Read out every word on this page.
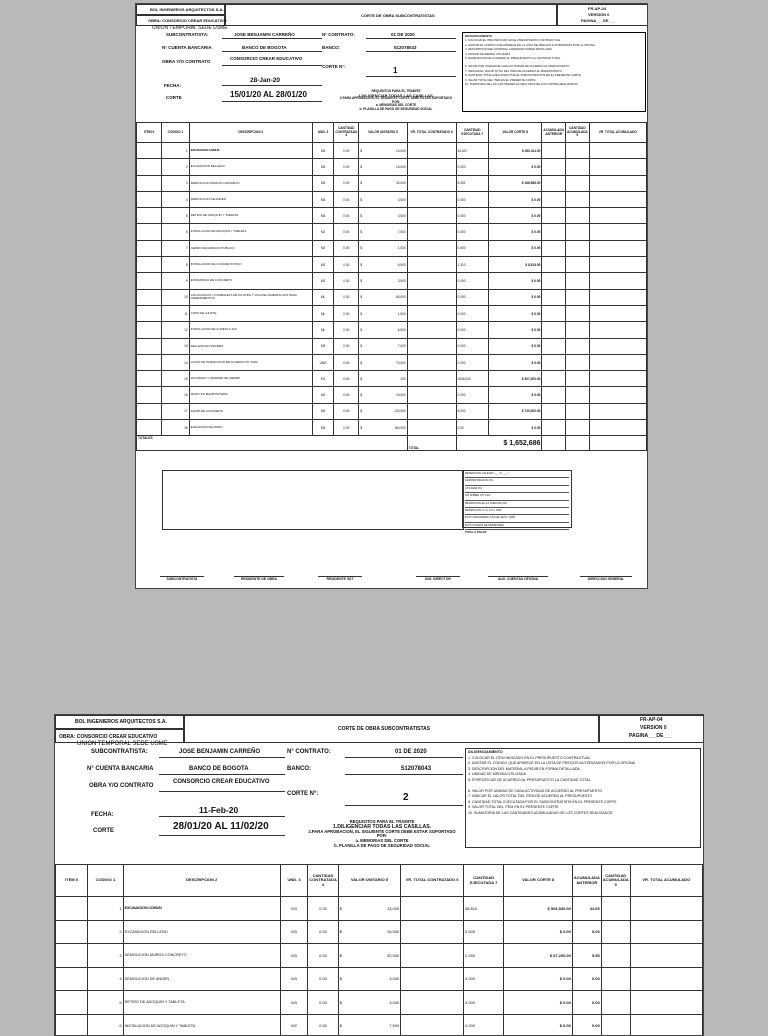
BOL INGENIEROS ARQUITECTOS S.A.
CORTE DE OBRA SUBCONTRATISTAS
FR-AP-04
VERSION 0
PAGINA___DE___
OBRA: CONSORCIO CREAR EDUCATIVO
UNION TEMPORAL SEDE USME
SUBCONTRATISTA:	JOSE BENJAMIN CARREÑO	N° CONTRATO:	01 DE 2020
N° CUENTA BANCARIA	BANCO DE BOGOTA	BANCO:	512078043
OBRA Y/O CONTRATO
CONSORCIO CREAR EDUCATIVO
CORTE N°:	1
FECHA:
28-Jan-20
CORTE	15/01/20 AL 28/01/20	REQUISITOS PARA EL TRAMITE
1.DILIGENCIAR TODAS LAS CASILLAS.
2.PARA APROBACION, EL SIGUIENTE CORTE DEBE ESTAR SOPORTADO POR:
a. MEMORIAS DEL CORTE
b. PLANILLA DE PAGO DE SEGURIDAD SOCIAL
DILIGENCIAMIENTO
1. COLOCAR EL ITEM INDICADO EN EL PRESUPUESTO CONTRACTUAL
2. ANOTAR EL CODIGO QUE APARECE EN LA LISTA DE PRECIOS AUTORIZADOS POR LA OFICINA
3. DESCRIPCION DEL MATERIAL A PEDIR EN FORMA DETALLADA
4. UNIDAD DE MEDIDA UTILIZADA
5. ESPECIFICAR DE ACUERDO AL PRESUPUESTO LA CANTIDAD TOTAL
6. VALOR POR UNIDAD DE CADA ACTIVIDAD DE ACUERDO AL PRESUPUESTO
7. INDICAR EL VALOR TOTAL DEL ITEM DE ACUERDO AL PRESUPUESTO
8. CANTIDAD TOTAL EJECUTADA POR EL SUBCONTRATISTA EN EL PRESENTE CORTE
9. VALOR TOTAL DEL ITEM EN EL PRESENTE CORTE
10. SUMATORIA DE LAS CANTIDADES ACUMULADAS DE LOS CORTES REALIZADOS
ITEM 0	CODIGO 1	DESCRIPCION 2	UND. 3	CANTIDAD CONTRATADA 4	VALOR UNITARIO 5	VR. TOTAL CONTRATADO 6	CANTIDAD EJECUTADA 7	VALOR CORTE 8	ACUMULADA ANTERIOR	CANTIDAD ACUMULADA 9	VR. TOTAL ACUMULADO
	1	EXCAVACION COMUN	M3	0.00	$ 13,000		34.647	$ 450,411.00			
	2	EXCAVACION RELLENO	M3	0.00	$ 16,000		0.000	$ 0.00			
	3	DEMOLICION MUROS CONCRETO	M3	0.00	$ 30,000		5.552	$ 166,566.00			
	4	DEMOLICION DE ANDEN	M3	0.00	$ 3,000		0.000	$ 0.00			
	5	RETIRO DE ADOQUIN Y TABLETA	M3	0.00	$ 3,000		0.000	$ 0.00			
	6	INSTALACION DE ADOQUIN Y TABLETA	M2	0.00	$ 7,500		0.000	$ 0.00			
	7	CERRO DE ESPACIO PUBLICO	M2	0.00	$ 1,000		0.000	$ 0.00			
	8	INSTALACION DE CONCRETO PISO	M2	0.00	$ 6,500		1.310	$ 8,515.00			
	9	ESTAMPADO DE CONCRETO	M2	0.00	$ 3,500		0.000	$ 0.00			
	10	COLOCACION Y FORMALETA DE PILOTES Y VIGA DE CIMENTACION PARA CERRAMIENTOS	ML	0.00	$ 60,000		0.000	$ 0.00			
	11	CINTA DE AJUSTE	ML	0.00	$ 1,500		0.000	$ 0.00			
	12	INSTALACION DE CUNETA A 120	ML	0.00	$ 6,500		0.000	$ 0.00			
	13	RELLENO EN RECEBO	M3	0.00	$ 7,000		0.000	$ 0.00			
	14	CAJAS DE INSPECCION DE ACUEDUCTO TAPA	UND	0.00	$ 70,000		0.000	$ 0.00			
	15	FIGURADO Y AMARRE DE HIERRO	KG	0.00	$ 200		1536.000	$ 307,200.00			
	16	MURO EN MAMPOSTERIA	M2	0.00	$ 15,000		0.000	$ 0.00			
	17	ZARPA DE CONCRETO	M3	0.00	$ 120,000		6.000	$ 720,000.00			
	18	ELEVACION DE MURO	M3	0.00	$ 160,000		0.00	$ 0.00			
TOTALES						TOTAL	$ 1,652,686				
RETENCION CALIDAD ( __ % ___ )
ADMINISTRACION 0%
UTILIDAD 0%
IVA SOBRE UTI 19%
RETENCION EN LA FUENTE (2%)
RETENCION I.C.A. 6.9 x 1000
DCTO SEGURIDAD SOCIAL (EPS / ARP)
DCTO FONDO DE PENSIONES
TOTAL A PAGAR
SUBCONTRATISTA	RESIDENTE DE OBRA	RESIDENTE SST	ING. DIRECTOR	AUX. CUENTAS OFICINA	DIRECCION GENERAL
BOL INGENIEROS ARQUITECTOS S.A.
CORTE DE OBRA SUBCONTRATISTAS
FR-AP-04
VERSION 0
PAGINA___DE___
OBRA: CONSORCIO CREAR EDUCATIVO
UNION TEMPORAL SEDE USME
SUBCONTRATISTA:	JOSE BENJAMIN CARREÑO	N° CONTRATO:	01 DE 2020
N° CUENTA BANCARIA	BANCO DE BOGOTA	BANCO:	512078043
OBRA Y/O CONTRATO
CONSORCIO CREAR EDUCATIVO
CORTE N°:	2
FECHA:	11-Feb-20
CORTE	28/01/20 AL 11/02/20	REQUISITOS PARA EL TRAMITE
1.DILIGENCIAR TODAS LAS CASILLAS.
2.PARA APROBACION, EL SIGUIENTE CORTE DEBE ESTAR SOPORTADO POR:
a. MEMORIAS DEL CORTE
b. PLANILLA DE PAGO DE SEGURIDAD SOCIAL
DILIGENCIAMIENTO
1. COLOCAR EL ITEM INDICADO EN EL PRESUPUESTO CONTRACTUAL
2. ANOTAR EL CODIGO QUE APARECE EN LA LISTA DE PRECIOS AUTORIZADOS POR LA OFICINA
3. DESCRIPCION DEL MATERIAL A PEDIR EN FORMA DETALLADA
4. UNIDAD DE MEDIDA UTILIZADA
5. ESPECIFICAR DE ACUERDO AL PRESUPUESTO LA CANTIDAD TOTAL
6. VALOR POR UNIDAD DE CADA ACTIVIDAD DE ACUERDO AL PRESUPUESTO
7. INDICAR EL VALOR TOTAL DEL ITEM DE ACUERDO AL PRESUPUESTO
8. CANTIDAD TOTAL EJECUTADA POR EL SUBCONTRATISTA EN EL PRESENTE CORTE
9. VALOR TOTAL DEL ITEM EN EL PRESENTE CORTE
10. SUMATORIA DE LAS CANTIDADES ACUMULADAS DE LOS CORTES REALIZADOS
ITEM 0	CODIGO 1	DESCRIPCION 2	UND. 3	CANTIDAD CONTRATADA 4	VALOR UNITARIO 5	VR. TOTAL CONTRATADO 6	CANTIDAD EJECUTADA 7	VALOR CORTE 8	ACUMULADA ANTERIOR	CANTIDAD ACUMULADA 9	VR. TOTAL ACUMULADO
	1	EXCAVACION COMUN	M3	0.00	$ 13,000		38.810	$ 504,530.00	34.65		
	2	EXCAVACION RELLENO	M3	0.00	$ 16,000		0.000	$ 0.00	0.00		
	3	DEMOLICION MUROS CONCRETO	M3	0.00	$ 30,000		2.240	$ 67,200.00	5.55		
	4	DEMOLICION DE ANDEN	M3	0.00	$ 3,000		0.000	$ 0.00	0.00		
	5	RETIRO DE ADOQUIN Y TABLETA	M3	0.00	$ 3,000		0.000	$ 0.00	0.00		
	6	INSTALACION DE ADOQUIN Y TABLETA	M2	0.00	$ 7,500		0.000	$ 0.00	0.00		
